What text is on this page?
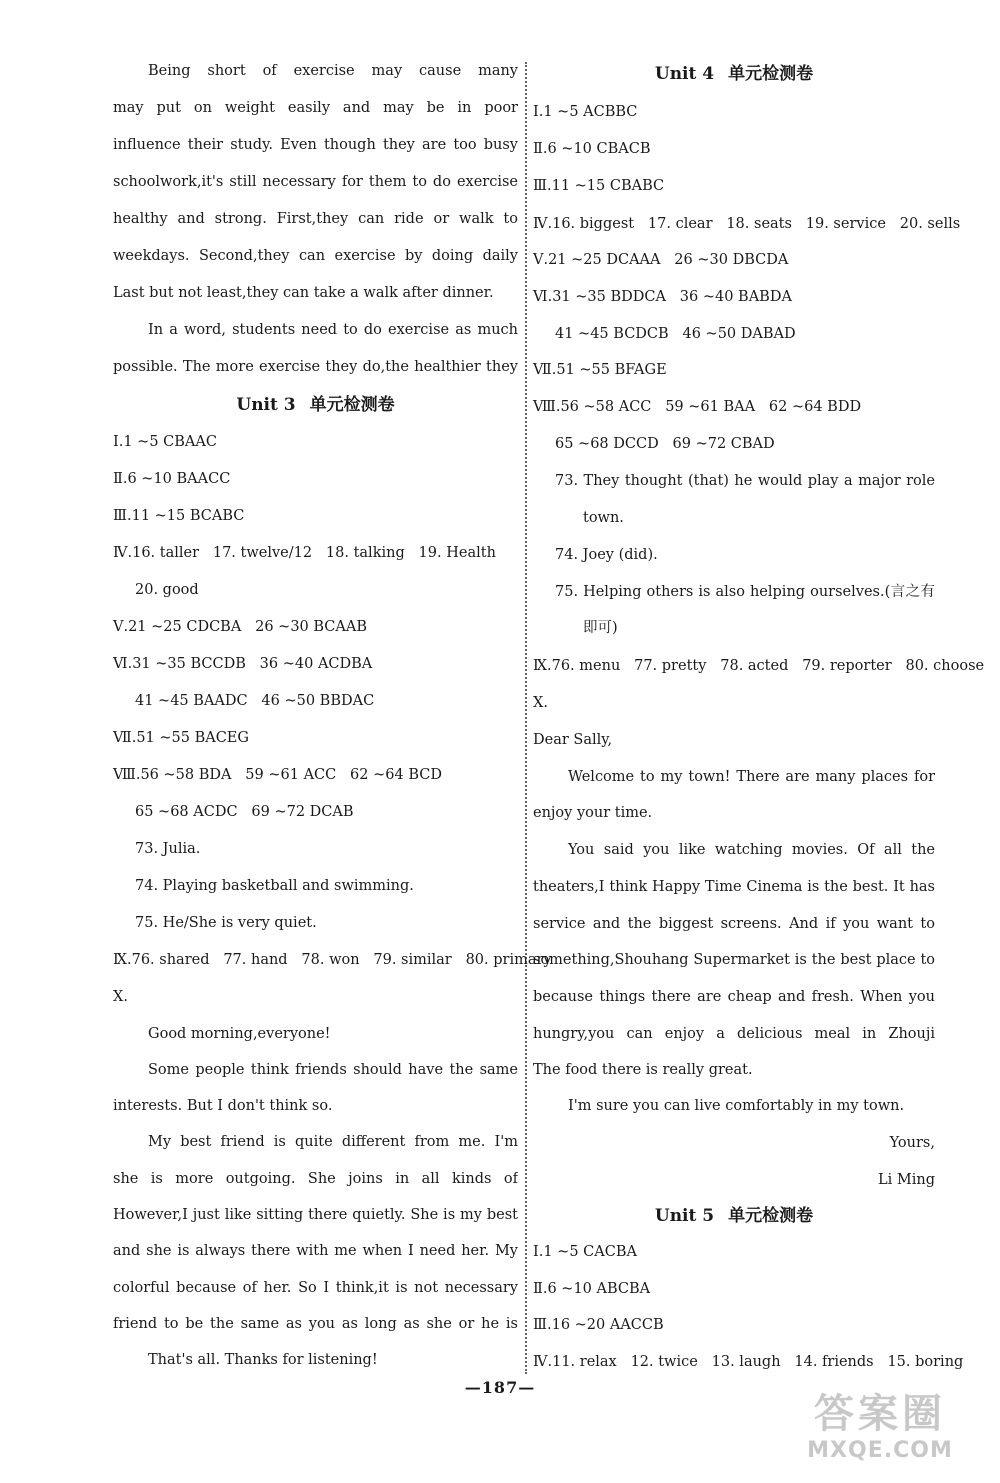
Being short of exercise may cause many
may put on weight easily and may be in poor
influence their study. Even though they are too busy
schoolwork,it's still necessary for them to do exercise
healthy and strong. First,they can ride or walk to
weekdays. Second,they can exercise by doing daily
Last but not least,they can take a walk after dinner.
In a word, students need to do exercise as much
possible. The more exercise they do,the healthier they
Unit 3 单元检测卷
Ⅰ.1 ~5 CBAAC
Ⅱ.6 ~10 BAACC
Ⅲ.11 ~15 BCABC
Ⅳ.16. taller   17. twelve/12   18. talking   19. Health
20. good
Ⅴ.21 ~25 CDCBA   26 ~30 BCAAB
Ⅵ.31 ~35 BCCDB   36 ~40 ACDBA
41 ~45 BAADC   46 ~50 BBDAC
Ⅶ.51 ~55 BACEG
Ⅷ.56 ~58 BDA   59 ~61 ACC   62 ~64 BCD
65 ~68 ACDC   69 ~72 DCAB
73. Julia.
74. Playing basketball and swimming.
75. He/She is very quiet.
Ⅸ.76. shared   77. hand   78. won   79. similar   80. primary
Ⅹ.
Good morning,everyone!
Some people think friends should have the same
interests. But I don't think so.
My best friend is quite different from me. I'm
she is more outgoing. She joins in all kinds of
However,I just like sitting there quietly. She is my best
and she is always there with me when I need her. My
colorful because of her. So I think,it is not necessary
friend to be the same as you as long as she or he is
That's all. Thanks for listening!
Unit 4 单元检测卷
Ⅰ.1 ~5 ACBBC
Ⅱ.6 ~10 CBACB
Ⅲ.11 ~15 CBABC
Ⅳ.16. biggest   17. clear   18. seats   19. service   20. sells
Ⅴ.21 ~25 DCAAA   26 ~30 DBCDA
Ⅵ.31 ~35 BDDCA   36 ~40 BABDA
41 ~45 BCDCB   46 ~50 DABAD
Ⅶ.51 ~55 BFAGE
Ⅷ.56 ~58 ACC   59 ~61 BAA   62 ~64 BDD
65 ~68 DCCD   69 ~72 CBAD
73. They thought (that) he would play a major role
town.
74. Joey (did).
75. Helping others is also helping ourselves.(言之有
即可)
Ⅸ.76. menu   77. pretty   78. acted   79. reporter   80. choose
Ⅹ.
Dear Sally,
Welcome to my town! There are many places for
enjoy your time.
You said you like watching movies. Of all the
theaters,I think Happy Time Cinema is the best. It has
service and the biggest screens. And if you want to
something,Shouhang Supermarket is the best place to
because things there are cheap and fresh. When you
hungry,you can enjoy a delicious meal in Zhouji
The food there is really great.
I'm sure you can live comfortably in my town.
Yours,
Li Ming
Unit 5 单元检测卷
Ⅰ.1 ~5 CACBA
Ⅱ.6 ~10 ABCBA
Ⅲ.16 ~20 AACCB
Ⅳ.11. relax   12. twice   13. laugh   14. friends   15. boring
—187—
答案圈
MXQE.COM
